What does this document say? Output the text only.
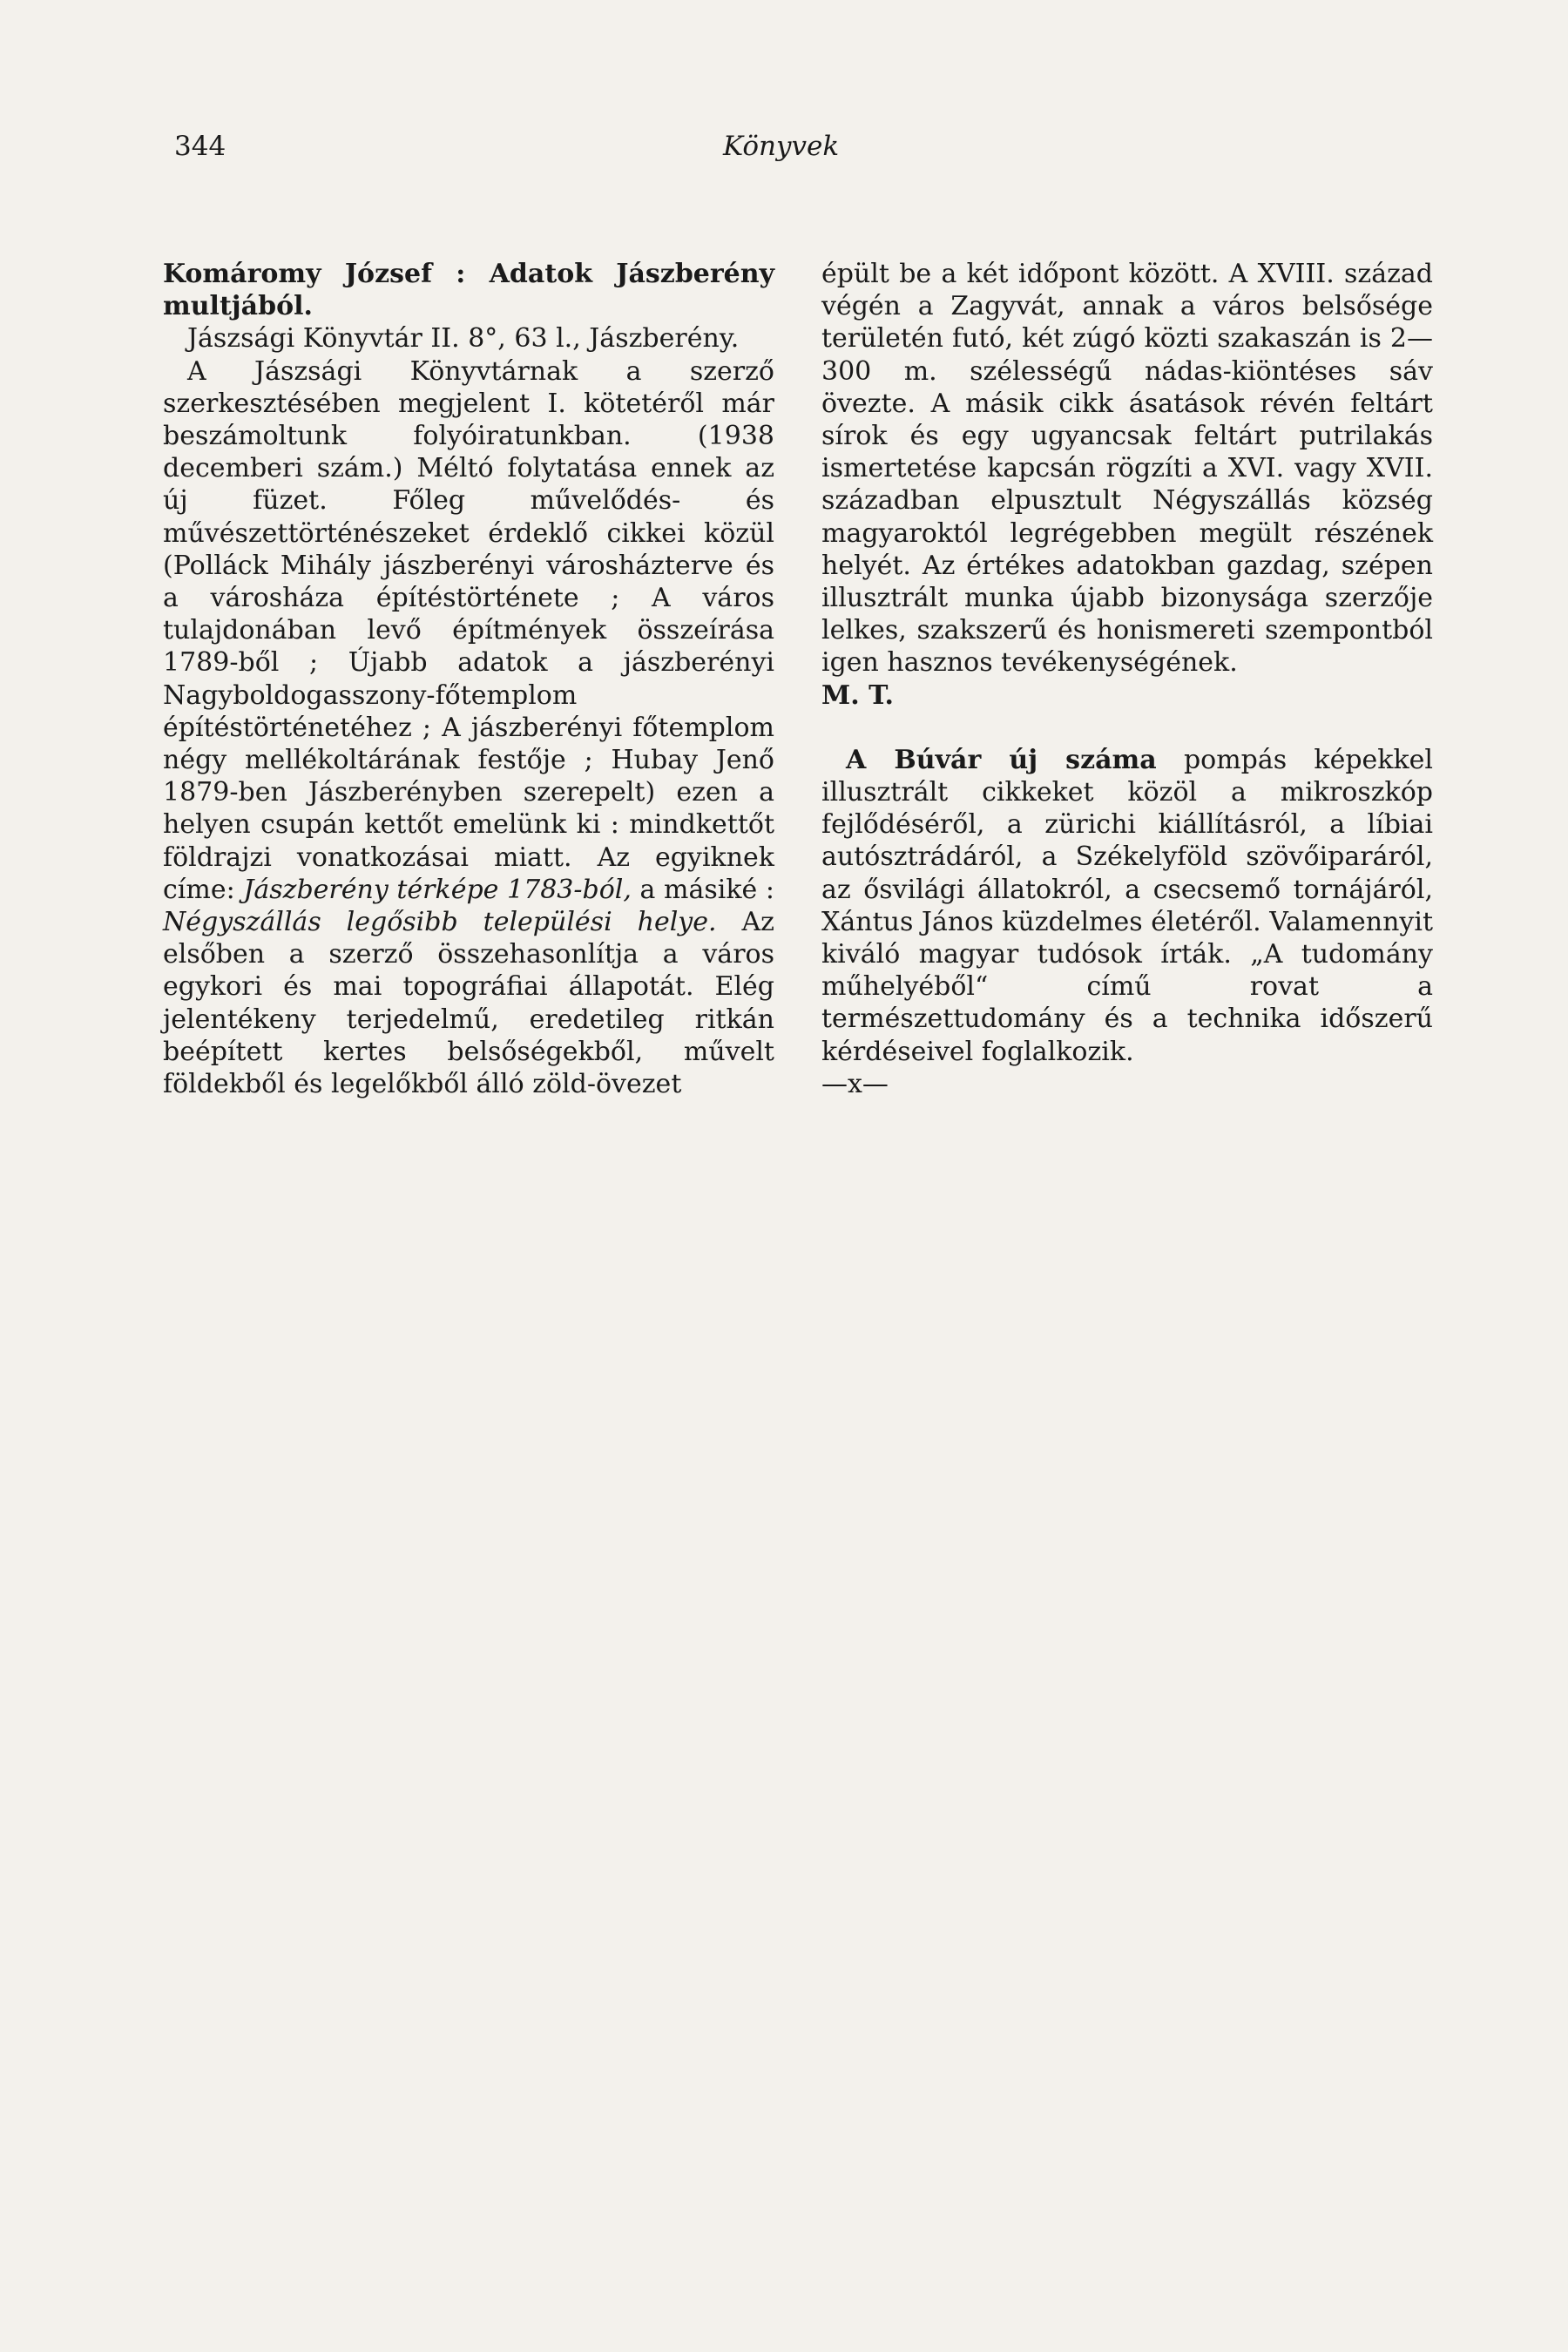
344	Könyvek

Komáromy József : Adatok Jászberény multjából.

Jászsági Könyvtár II. 8°, 63 l., Jászberény.

A Jászsági Könyvtárnak a szerző szerkesztésében megjelent I. kötetéről már beszámoltunk folyóiratunkban. (1938 decemberi szám.) Méltó folytatása ennek az új füzet. Főleg művelődés- és művészettörténészeket érdeklő cikkei közül (Polláck Mihály jászberényi városházterve és a városháza építéstörténete ; A város tulajdonában levő építmények összeírása 1789-ből ; Újabb adatok a jászberényi Nagyboldogasszony-főtemplom építéstörténetéhez ; A jászberényi főtemplom négy mellékoltárának festője ; Hubay Jenő 1879-ben Jászberényben szerepelt) ezen a helyen csupán kettőt emelünk ki : mindkettőt földrajzi vonatkozásai miatt. Az egyiknek címe: Jászberény térképe 1783-ból, a másiké : Négyszállás legősibb települési helye. Az elsőben a szerző összehasonlítja a város egykori és mai topográfiai állapotát. Elég jelentékeny terjedelmű, eredetileg ritkán beépített kertes belsőségekből, művelt földekből és legelőkből álló zöld-övezet

épült be a két időpont között. A XVIII. század végén a Zagyvát, annak a város belsősége területén futó, két zúgó közti szakaszán is 2—300 m. szélességű nádas-kiöntéses sáv övezte. A másik cikk ásatások révén feltárt sírok és egy ugyancsak feltárt putrilakás ismertetése kapcsán rögzíti a XVI. vagy XVII. században elpusztult Négyszállás község magyaroktól legrégebben megült részének helyét. Az értékes adatokban gazdag, szépen illusztrált munka újabb bizonysága szerzője lelkes, szakszerű és honismereti szempontból igen hasznos tevékenységének.

M. T.

A Búvár új száma pompás képekkel illusztrált cikkeket közöl a mikroszkóp fejlődéséről, a zürichi kiállításról, a líbiai autósztrádáról, a Székelyföld szövőiparáról, az ősvilági állatokról, a csecsemő tornájáról, Xántus János küzdelmes életéről. Valamennyit kiváló magyar tudósok írták. „A tudomány műhelyéből“ című rovat a természettudomány és a technika időszerű kérdéseivel foglalkozik.

—x—
